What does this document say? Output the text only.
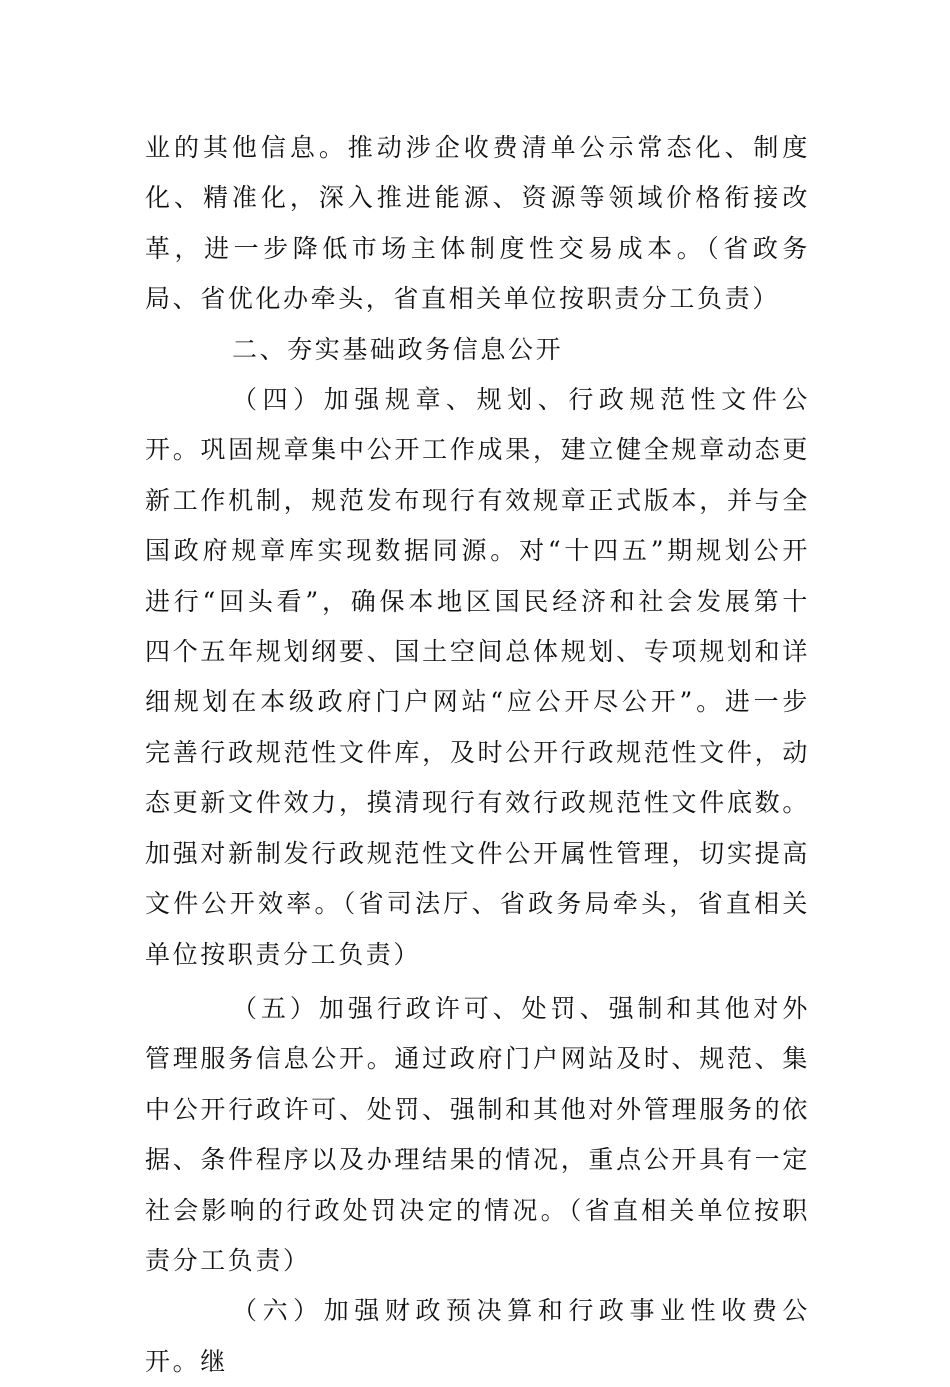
业的其他信息。推动涉企收费清单公示常态化、制度化、精准化，深入推进能源、资源等领域价格衔接改革，进一步降低市场主体制度性交易成本。（省政务局、省优化办牵头，省直相关单位按职责分工负责）

二、夯实基础政务信息公开

（四）加强规章、规划、行政规范性文件公开。巩固规章集中公开工作成果，建立健全规章动态更新工作机制，规范发布现行有效规章正式版本，并与全国政府规章库实现数据同源。对“十四五”期规划公开进行“回头看”，确保本地区国民经济和社会发展第十四个五年规划纲要、国土空间总体规划、专项规划和详细规划在本级政府门户网站“应公开尽公开”。进一步完善行政规范性文件库，及时公开行政规范性文件，动态更新文件效力，摸清现行有效行政规范性文件底数。加强对新制发行政规范性文件公开属性管理，切实提高文件公开效率。（省司法厅、省政务局牵头，省直相关单位按职责分工负责）

（五）加强行政许可、处罚、强制和其他对外管理服务信息公开。通过政府门户网站及时、规范、集中公开行政许可、处罚、强制和其他对外管理服务的依据、条件程序以及办理结果的情况，重点公开具有一定社会影响的行政处罚决定的情况。（省直相关单位按职责分工负责）

（六）加强财政预决算和行政事业性收费公开。继
